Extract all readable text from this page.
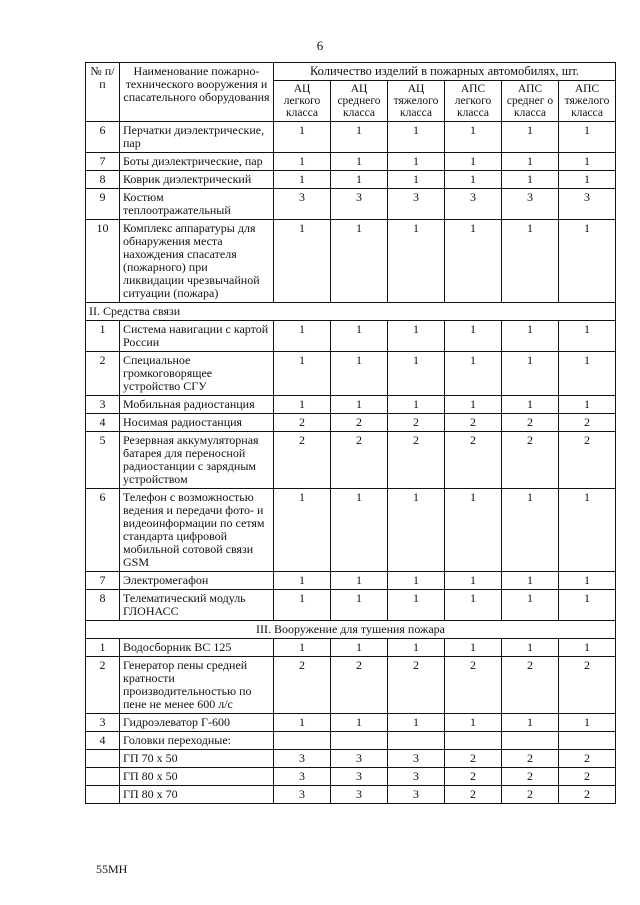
6
№ п/п	Наименование пожарно-технического вооружения и спасательного оборудования	Количество изделий в пожарных автомобилях, шт.					
		АЦ легкого класса	АЦ среднего класса	АЦ тяжелого класса	АПС легкого класса	АПС среднег о класса	АПС тяжелого класса
6	Перчатки диэлектрические, пар	1	1	1	1	1	1
7	Боты диэлектрические, пар	1	1	1	1	1	1
8	Коврик диэлектрический	1	1	1	1	1	1
9	Костюм теплоотражательный	3	3	3	3	3	3
10	Комплекс аппаратуры для обнаружения места нахождения спасателя (пожарного) при ликвидации чрезвычайной ситуации (пожара)	1	1	1	1	1	1
II. Средства связи							
1	Система навигации с картой России	1	1	1	1	1	1
2	Специальное громкоговорящее устройство СГУ	1	1	1	1	1	1
3	Мобильная радиостанция	1	1	1	1	1	1
4	Носимая радиостанция	2	2	2	2	2	2
5	Резервная аккумуляторная батарея для переносной радиостанции с зарядным устройством	2	2	2	2	2	2
6	Телефон с возможностью ведения и передачи фото- и видеоинформации по сетям стандарта цифровой мобильной сотовой связи GSM	1	1	1	1	1	1
7	Электромегафон	1	1	1	1	1	1
8	Телематический модуль ГЛОНАСС	1	1	1	1	1	1
III. Вооружение для тушения пожара							
1	Водосборник ВС 125	1	1	1	1	1	1
2	Генератор пены средней кратности производительностью по пене не менее 600 л/с	2	2	2	2	2	2
3	Гидроэлеватор Г-600	1	1	1	1	1	1
4	Головки переходные:						
	ГП 70 х 50	3	3	3	2	2	2
	ГП 80 х 50	3	3	3	2	2	2
	ГП 80 х 70	3	3	3	2	2	2
55МН
